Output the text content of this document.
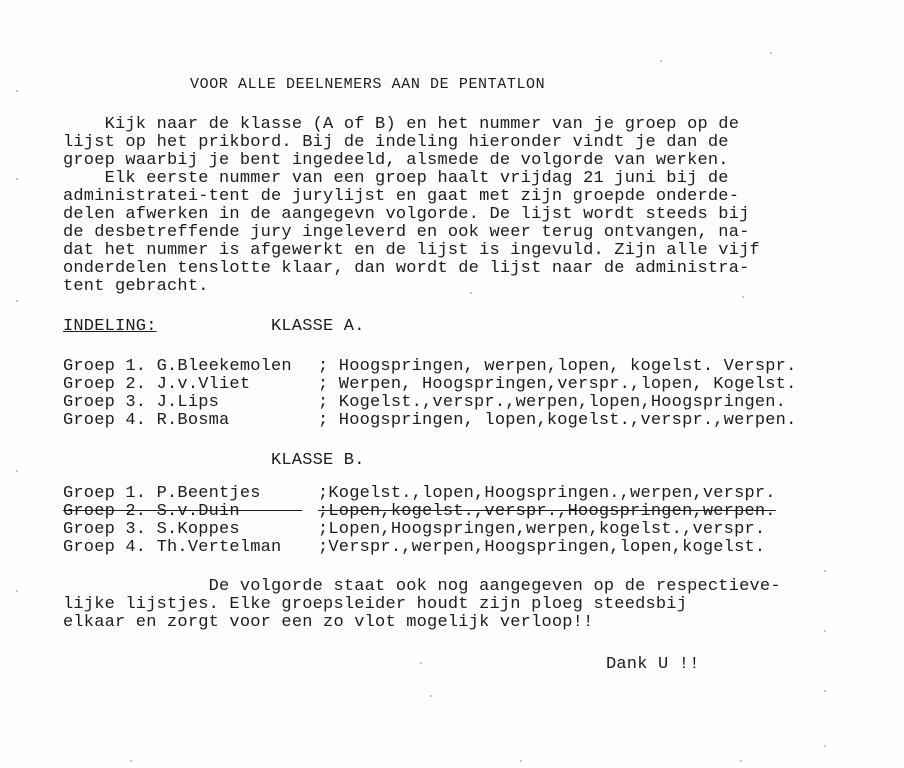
VOOR ALLE DEELNEMERS AAN DE PENTATLON
Kijk naar de klasse (A of B) en het nummer van je groep op de
lijst op het prikbord. Bij de indeling hieronder vindt je dan de
groep waarbij je bent ingedeeld, alsmede de volgorde van werken.
Elk eerste nummer van een groep haalt vrijdag 21 juni bij de
administratei-tent de jurylijst en gaat met zijn groepde onderde-
delen afwerken in de aangegevn volgorde. De lijst wordt steeds bij
de desbetreffende jury ingeleverd en ook weer terug ontvangen, na-
dat het nummer is afgewerkt en de lijst is ingevuld. Zijn alle vijf
onderdelen tenslotte klaar, dan wordt de lijst naar de administra-
tent gebracht.
INDELING:	KLASSE A.
Groep 1. G.Bleekemolen ; Hoogspringen, werpen,lopen, kogelst. Verspr.
Groep 2. J.v.Vliet ; Werpen, Hoogspringen,verspr.,lopen, Kogelst.
Groep 3. J.Lips ; Kogelst.,verspr.,werpen,lopen,Hoogspringen.
Groep 4. R.Bosma ; Hoogspringen, lopen,kogelst.,verspr.,werpen.
KLASSE B.
Groep 1. P.Beentjes ;Kogelst.,lopen,Hoogspringen.,werpen,verspr.
Groep 2. S.v.Duin ;Lopen,kogelst.,verspr.,Hoogspringen,werpen.
Groep 3. S.Koppes ;Lopen,Hoogspringen,werpen,kogelst.,verspr.
Groep 4. Th.Vertelman ;Verspr.,werpen,Hoogspringen,lopen,kogelst.
De volgorde staat ook nog aangegeven op de respectieve-
lijke lijstjes. Elke groepsleider houdt zijn ploeg steedsbij
elkaar en zorgt voor een zo vlot mogelijk verloop!!
Dank U !!
